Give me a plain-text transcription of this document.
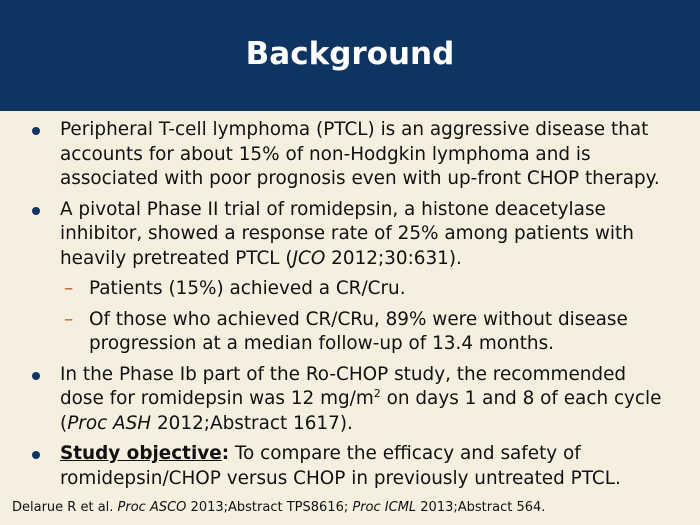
Background
Peripheral T-cell lymphoma (PTCL) is an aggressive disease that accounts for about 15% of non-Hodgkin lymphoma and is associated with poor prognosis even with up-front CHOP therapy.
A pivotal Phase II trial of romidepsin, a histone deacetylase inhibitor, showed a response rate of 25% among patients with heavily pretreated PTCL (JCO 2012;30:631).
– Patients (15%) achieved a CR/Cru.
– Of those who achieved CR/CRu, 89% were without disease progression at a median follow-up of 13.4 months.
In the Phase Ib part of the Ro-CHOP study, the recommended dose for romidepsin was 12 $mg/m^2$ on days 1 and 8 of each cycle (Proc ASH 2012;Abstract 1617).
Study objective: To compare the efficacy and safety of romidepsin/CHOP versus CHOP in previously untreated PTCL.
Delarue R et al. Proc ASCO 2013;Abstract TPS8616; Proc ICML 2013;Abstract 564.
